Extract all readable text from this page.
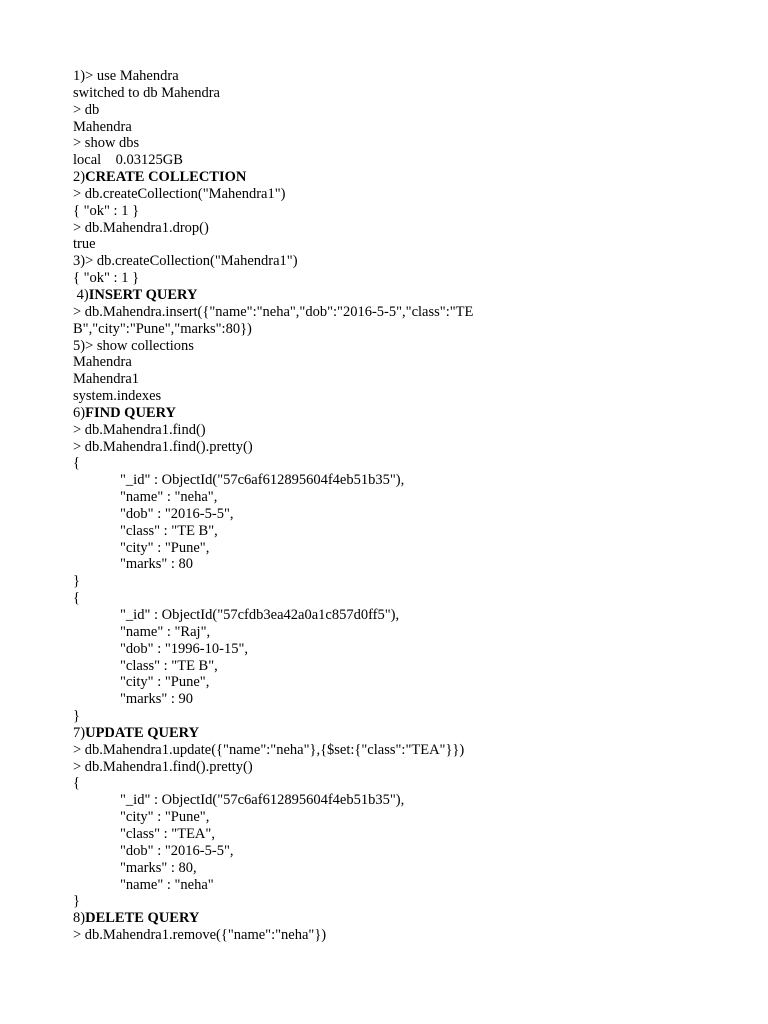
1)> use Mahendra
switched to db Mahendra
> db
Mahendra
> show dbs
local    0.03125GB
2)CREATE COLLECTION
> db.createCollection("Mahendra1")
{ "ok" : 1 }
> db.Mahendra1.drop()
true
3)> db.createCollection("Mahendra1")
{ "ok" : 1 }
4)INSERT QUERY
> db.Mahendra.insert({"name":"neha","dob":"2016-5-5","class":"TE
B","city":"Pune","marks":80})
5)> show collections
Mahendra
Mahendra1
system.indexes
6)FIND QUERY
> db.Mahendra1.find()
> db.Mahendra1.find().pretty()
{
"_id" : ObjectId("57c6af612895604f4eb51b35"),
"name" : "neha",
"dob" : "2016-5-5",
"class" : "TE B",
"city" : "Pune",
"marks" : 80
}
{
"_id" : ObjectId("57cfdb3ea42a0a1c857d0ff5"),
"name" : "Raj",
"dob" : "1996-10-15",
"class" : "TE B",
"city" : "Pune",
"marks" : 90
}
7)UPDATE QUERY
> db.Mahendra1.update({"name":"neha"},{$set:{"class":"TEA"}})
> db.Mahendra1.find().pretty()
{
"_id" : ObjectId("57c6af612895604f4eb51b35"),
"city" : "Pune",
"class" : "TEA",
"dob" : "2016-5-5",
"marks" : 80,
"name" : "neha"
}
8)DELETE QUERY
> db.Mahendra1.remove({"name":"neha"})
